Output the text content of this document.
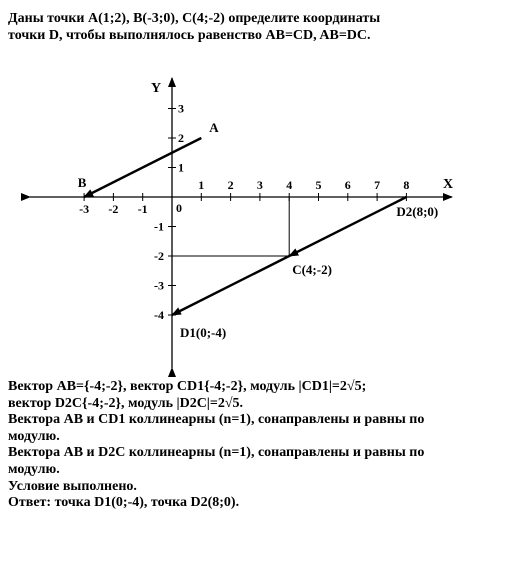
Даны точки A(1;2), B(-3;0), C(4;-2) определите координаты
точки D, чтобы выполнялось равенство AB=CD, AB=DC.
X
Y
0
-3 -2 -1
1 2 3 4 5 6 7 8
3
2
1
-1
-2
-3
-4
A
B
C(4;-2)
D1(0;-4)
D2(8;0)
Вектор AB={-4;-2}, вектор CD1{-4;-2}, модуль |CD1|=2√5;
вектор D2C{-4;-2}, модуль |D2C|=2√5.
Вектора AB и CD1 коллинеарны (n=1), сонаправлены и равны по
модулю.
Вектора AB и D2C коллинеарны (n=1), сонаправлены и равны по
модулю.
Условие выполнено.
Ответ: точка D1(0;-4), точка D2(8;0).
